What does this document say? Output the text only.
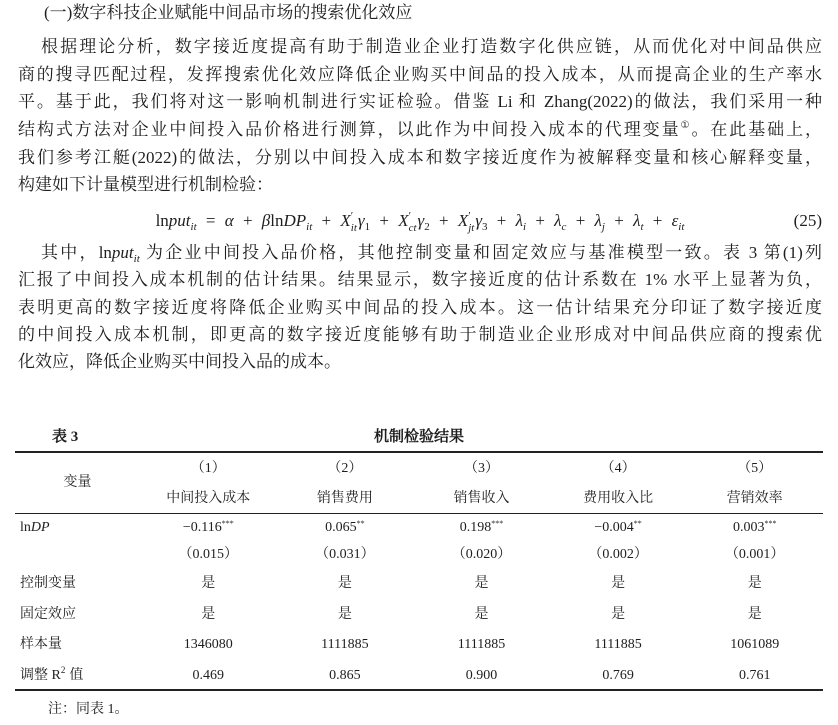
(一)数字科技企业赋能中间品市场的搜索优化效应
根据理论分析，数字接近度提高有助于制造业企业打造数字化供应链，从而优化对中间品供应
商的搜寻匹配过程，发挥搜索优化效应降低企业购买中间品的投入成本，从而提高企业的生产率水
平。基于此，我们将对这一影响机制进行实证检验。借鉴 Li 和 Zhang(2022)的做法，我们采用一种
结构式方法对企业中间投入品价格进行测算，以此作为中间投入成本的代理变量①。在此基础上，
我们参考江艇(2022)的做法，分别以中间投入成本和数字接近度作为被解释变量和核心解释变量，
构建如下计量模型进行机制检验：
lnput$_{it}$ = α + βlnDP$_{it}$ + X ′
it $\gamma_1 + X$ ′
ct $\gamma_2 + X$ ′
jt $\gamma_3 + \lambda_i + \lambda_c + \lambda_j + \lambda_t + \varepsilon_{it}$	(25)
其中，lnput$_{it}$ 为企业中间投入品价格，其他控制变量和固定效应与基准模型一致。表 3 第(1)列
汇报了中间投入成本机制的估计结果。结果显示，数字接近度的估计系数在 1% 水平上显著为负，
表明更高的数字接近度将降低企业购买中间品的投入成本。这一估计结果充分印证了数字接近度
的中间投入成本机制，即更高的数字接近度能够有助于制造业企业形成对中间品供应商的搜索优
化效应，降低企业购买中间投入品的成本。
机制检验结果
表 3
变量	（1）	（2）	（3）	（4）	（5）
	中间投入成本	销售费用	销售收入	费用收入比	营销效率
lnDP	−0.116***	0.065**	0.198***	−0.004**	0.003***
	（0.015）	（0.031）	（0.020）	（0.002）	（0.001）
控制变量	是	是	是	是	是
固定效应	是	是	是	是	是
样本量	1346080	1111885	1111885	1111885	1061089
调整 $R^2$ 值	0.469	0.865	0.900	0.769	0.761
注：同表 1。
